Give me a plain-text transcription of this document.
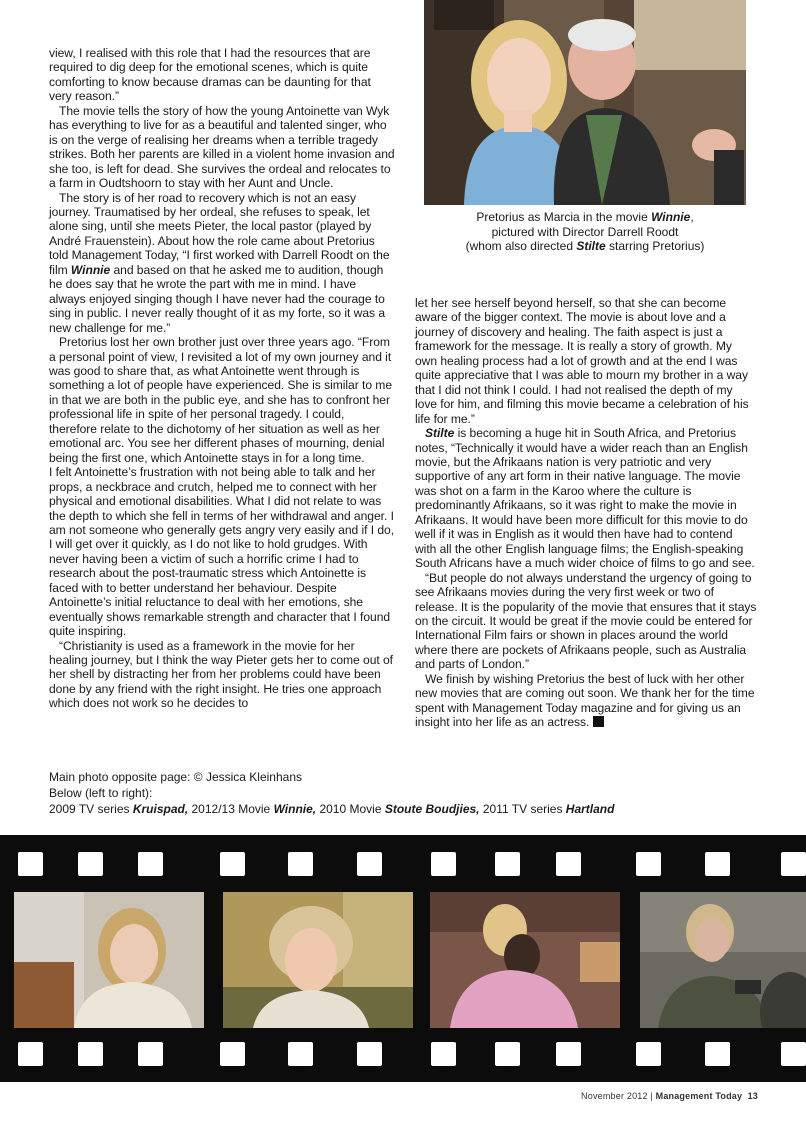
view, I realised with this role that I had the resources that are required to dig deep for the emotional scenes, which is quite comforting to know because dramas can be daunting for that very reason.”

The movie tells the story of how the young Antoinette van Wyk has everything to live for as a beautiful and talented singer, who is on the verge of realising her dreams when a terrible tragedy strikes. Both her parents are killed in a violent home invasion and she too, is left for dead. She survives the ordeal and relocates to a farm in Oudtshoorn to stay with her Aunt and Uncle.

The story is of her road to recovery which is not an easy journey. Traumatised by her ordeal, she refuses to speak, let alone sing, until she meets Pieter, the local pastor (played by André Frauenstein). About how the role came about Pretorius told Management Today, “I first worked with Darrell Roodt on the film Winnie and based on that he asked me to audition, though he does say that he wrote the part with me in mind. I have always enjoyed singing though I have never had the courage to sing in public. I never really thought of it as my forte, so it was a new challenge for me.”

Pretorius lost her own brother just over three years ago. “From a personal point of view, I revisited a lot of my own journey and it was good to share that, as what Antoinette went through is something a lot of people have experienced. She is similar to me in that we are both in the public eye, and she has to confront her professional life in spite of her personal tragedy. I could, therefore relate to the dichotomy of her situation as well as her emotional arc. You see her different phases of mourning, denial being the first one, which Antoinette stays in for a long time.

I felt Antoinette’s frustration with not being able to talk and her props, a neckbrace and crutch, helped me to connect with her physical and emotional disabilities. What I did not relate to was the depth to which she fell in terms of her withdrawal and anger. I am not someone who generally gets angry very easily and if I do, I will get over it quickly, as I do not like to hold grudges. With never having been a victim of such a horrific crime I had to research about the post-traumatic stress which Antoinette is faced with to better understand her behaviour. Despite Antoinette’s initial reluctance to deal with her emotions, she eventually shows remarkable strength and character that I found quite inspiring.

“Christianity is used as a framework in the movie for her healing journey, but I think the way Pieter gets her to come out of her shell by distracting her from her problems could have been done by any friend with the right insight. He tries one approach which does not work so he decides to

Pretorius as Marcia in the movie Winnie,
pictured with Director Darrell Roodt
(whom also directed Stilte starring Pretorius)

let her see herself beyond herself, so that she can become aware of the bigger context. The movie is about love and a journey of discovery and healing. The faith aspect is just a framework for the message. It is really a story of growth. My own healing process had a lot of growth and at the end I was quite appreciative that I was able to mourn my brother in a way that I did not think I could. I had not realised the depth of my love for him, and filming this movie became a celebration of his life for me.”

Stilte is becoming a huge hit in South Africa, and Pretorius notes, “Technically it would have a wider reach than an English movie, but the Afrikaans nation is very patriotic and very supportive of any art form in their native language. The movie was shot on a farm in the Karoo where the culture is predominantly Afrikaans, so it was right to make the movie in Afrikaans. It would have been more difficult for this movie to do well if it was in English as it would then have had to contend with all the other English language films; the English-speaking South Africans have a much wider choice of films to go and see.

“But people do not always understand the urgency of going to see Afrikaans movies during the very first week or two of release. It is the popularity of the movie that ensures that it stays on the circuit. It would be great if the movie could be entered for International Film fairs or shown in places around the world where there are pockets of Afrikaans people, such as Australia and parts of London.”

We finish by wishing Pretorius the best of luck with her other new movies that are coming out soon. We thank her for the time spent with Management Today magazine and for giving us an insight into her life as an actress.

Main photo opposite page: © Jessica Kleinhans
Below (left to right):
2009 TV series Kruispad, 2012/13 Movie Winnie, 2010 Movie Stoute Boudjies, 2011 TV series Hartland
November 2012 | Management Today 13
